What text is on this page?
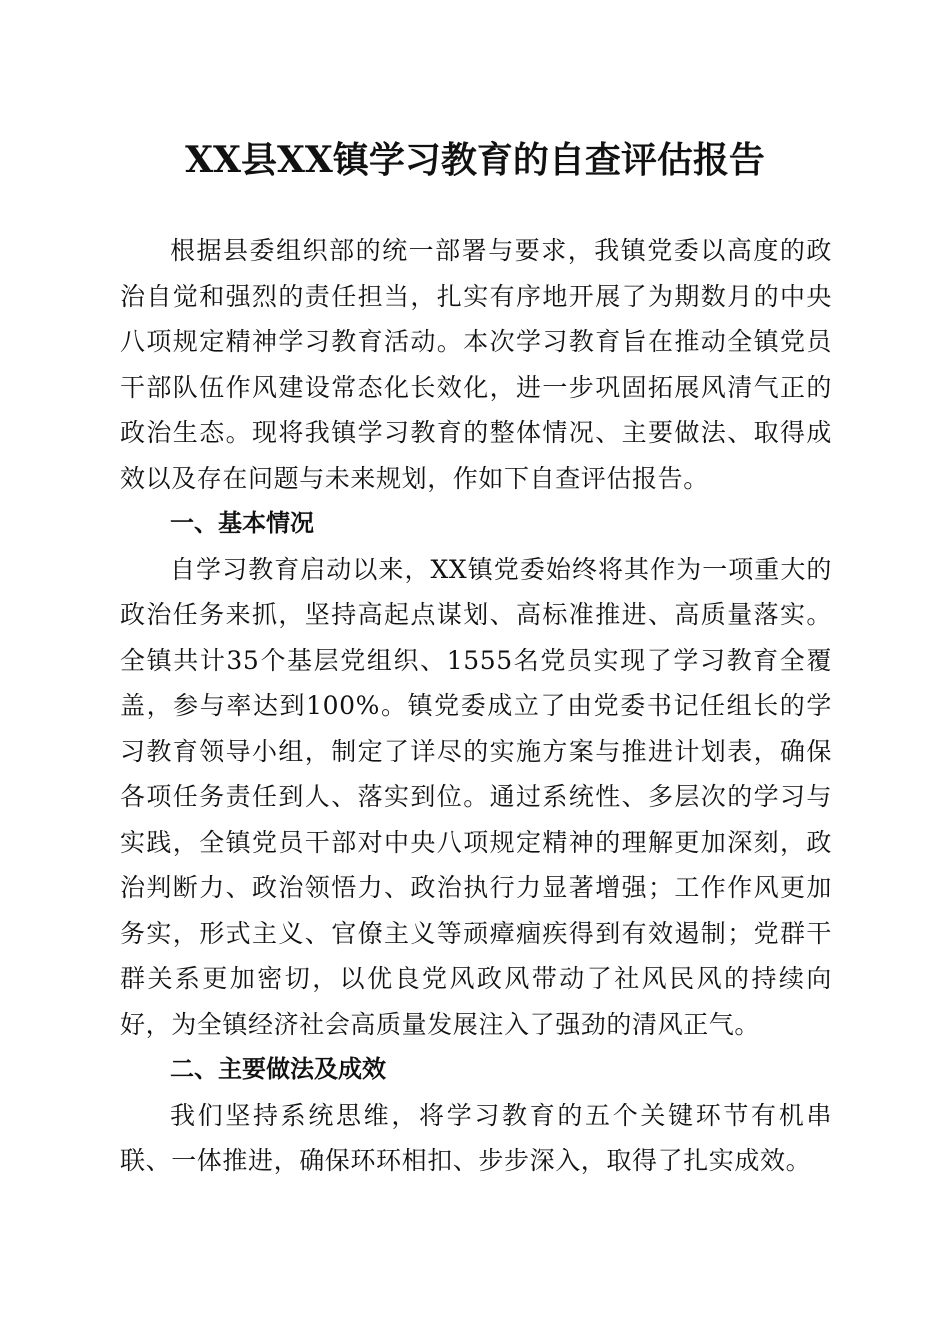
XX县XX镇学习教育的自查评估报告

根据县委组织部的统一部署与要求，我镇党委以高度的政治自觉和强烈的责任担当，扎实有序地开展了为期数月的中央八项规定精神学习教育活动。本次学习教育旨在推动全镇党员干部队伍作风建设常态化长效化，进一步巩固拓展风清气正的政治生态。现将我镇学习教育的整体情况、主要做法、取得成效以及存在问题与未来规划，作如下自查评估报告。

一、基本情况

自学习教育启动以来，XX镇党委始终将其作为一项重大的政治任务来抓，坚持高起点谋划、高标准推进、高质量落实。全镇共计35个基层党组织、1555名党员实现了学习教育全覆盖，参与率达到100%。镇党委成立了由党委书记任组长的学习教育领导小组，制定了详尽的实施方案与推进计划表，确保各项任务责任到人、落实到位。通过系统性、多层次的学习与实践，全镇党员干部对中央八项规定精神的理解更加深刻，政治判断力、政治领悟力、政治执行力显著增强；工作作风更加务实，形式主义、官僚主义等顽瘴痼疾得到有效遏制；党群干群关系更加密切，以优良党风政风带动了社风民风的持续向好，为全镇经济社会高质量发展注入了强劲的清风正气。

二、主要做法及成效

我们坚持系统思维，将学习教育的五个关键环节有机串联、一体推进，确保环环相扣、步步深入，取得了扎实成效。
